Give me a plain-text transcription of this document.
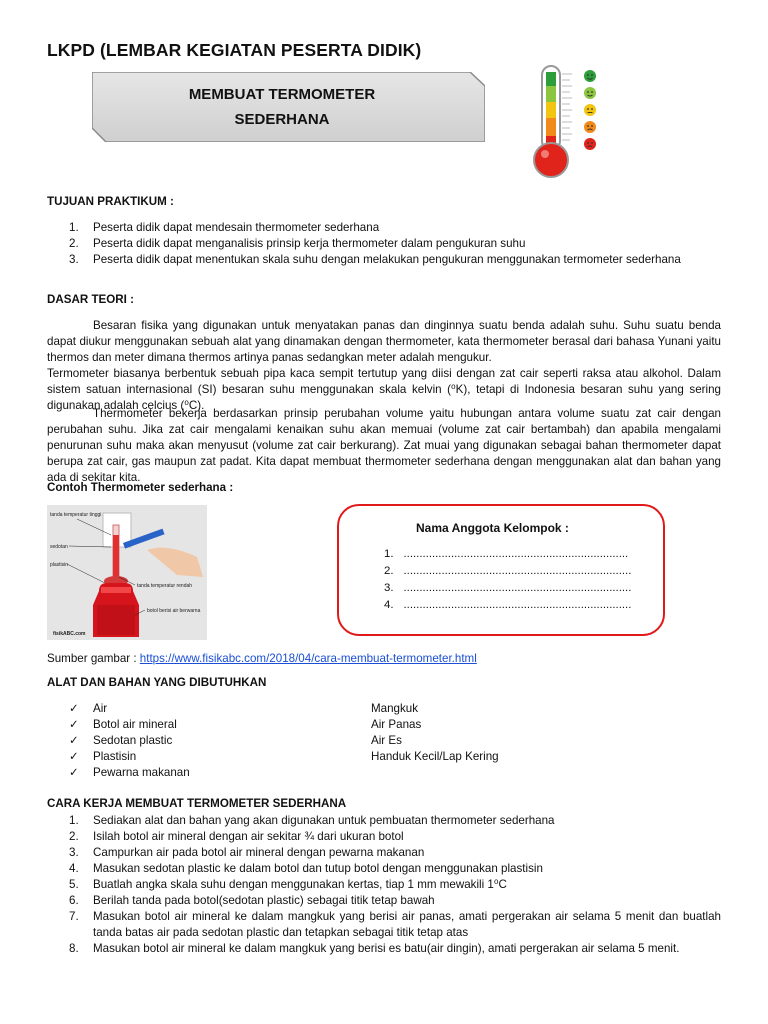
LKPD (LEMBAR KEGIATAN PESERTA DIDIK)
MEMBUAT TERMOMETER
SEDERHANA
TUJUAN PRAKTIKUM :
1. Peserta didik dapat mendesain thermometer sederhana
2. Peserta didik dapat menganalisis prinsip kerja thermometer dalam pengukuran suhu
3. Peserta didik dapat menentukan skala suhu dengan melakukan pengukuran menggunakan termometer sederhana
DASAR TEORI :
Besaran fisika yang digunakan untuk menyatakan panas dan dinginnya suatu benda adalah suhu. Suhu suatu benda dapat diukur menggunakan sebuah alat yang dinamakan dengan thermometer, kata thermometer berasal dari bahasa Yunani yaitu thermos dan meter dimana thermos artinya panas sedangkan meter adalah mengukur.
Termometer biasanya berbentuk sebuah pipa kaca sempit tertutup yang diisi dengan zat cair seperti raksa atau alkohol. Dalam sistem satuan internasional (SI) besaran suhu menggunakan skala kelvin (⁰K), tetapi di Indonesia besaran suhu yang sering digunakan adalah celcius (⁰C).
Thermometer bekerja berdasarkan prinsip perubahan volume yaitu hubungan antara volume suatu zat cair dengan perubahan suhu. Jika zat cair mengalami kenaikan suhu akan memuai (volume zat cair bertambah) dan apabila mengalami penurunan suhu maka akan menyusut (volume zat cair berkurang). Zat muai yang digunakan sebagai bahan thermometer dapat berupa zat cair, gas maupun zat padat. Kita dapat membuat thermometer sederhana dengan menggunakan alat dan bahan yang ada di sekitar kita.
Contoh Thermometer sederhana :
tanda temperatur tinggi
sedotan
plastisin
tanda temperatur rendah
botol berisi air berwarna
fisikABC.com
Nama Anggota Kelompok :
1. .......................................................................
2. ........................................................................
3. ........................................................................
4. ........................................................................
Sumber gambar : https://www.fisikabc.com/2018/04/cara-membuat-termometer.html
ALAT DAN BAHAN YANG DIBUTUHKAN
✓ Air
✓ Botol air mineral
✓ Sedotan plastic
✓ Plastisin
✓ Pewarna makanan
Mangkuk
Air Panas
Air Es
Handuk Kecil/Lap Kering
CARA KERJA MEMBUAT TERMOMETER SEDERHANA
1. Sediakan alat dan bahan yang akan digunakan untuk pembuatan thermometer sederhana
2. Isilah botol air mineral dengan air sekitar ¾ dari ukuran botol
3. Campurkan air pada botol air mineral dengan pewarna makanan
4. Masukan sedotan plastic ke dalam botol dan tutup botol dengan menggunakan plastisin
5. Buatlah angka skala suhu dengan menggunakan kertas, tiap 1 mm mewakili 1⁰C
6. Berilah tanda pada botol(sedotan plastic) sebagai titik tetap bawah
7. Masukan botol air mineral ke dalam mangkuk yang berisi air panas, amati pergerakan air selama 5 menit dan buatlah tanda batas air pada sedotan plastic dan tetapkan sebagai titik tetap atas
8. Masukan botol air mineral ke dalam mangkuk yang berisi es batu(air dingin), amati pergerakan air selama 5 menit.
